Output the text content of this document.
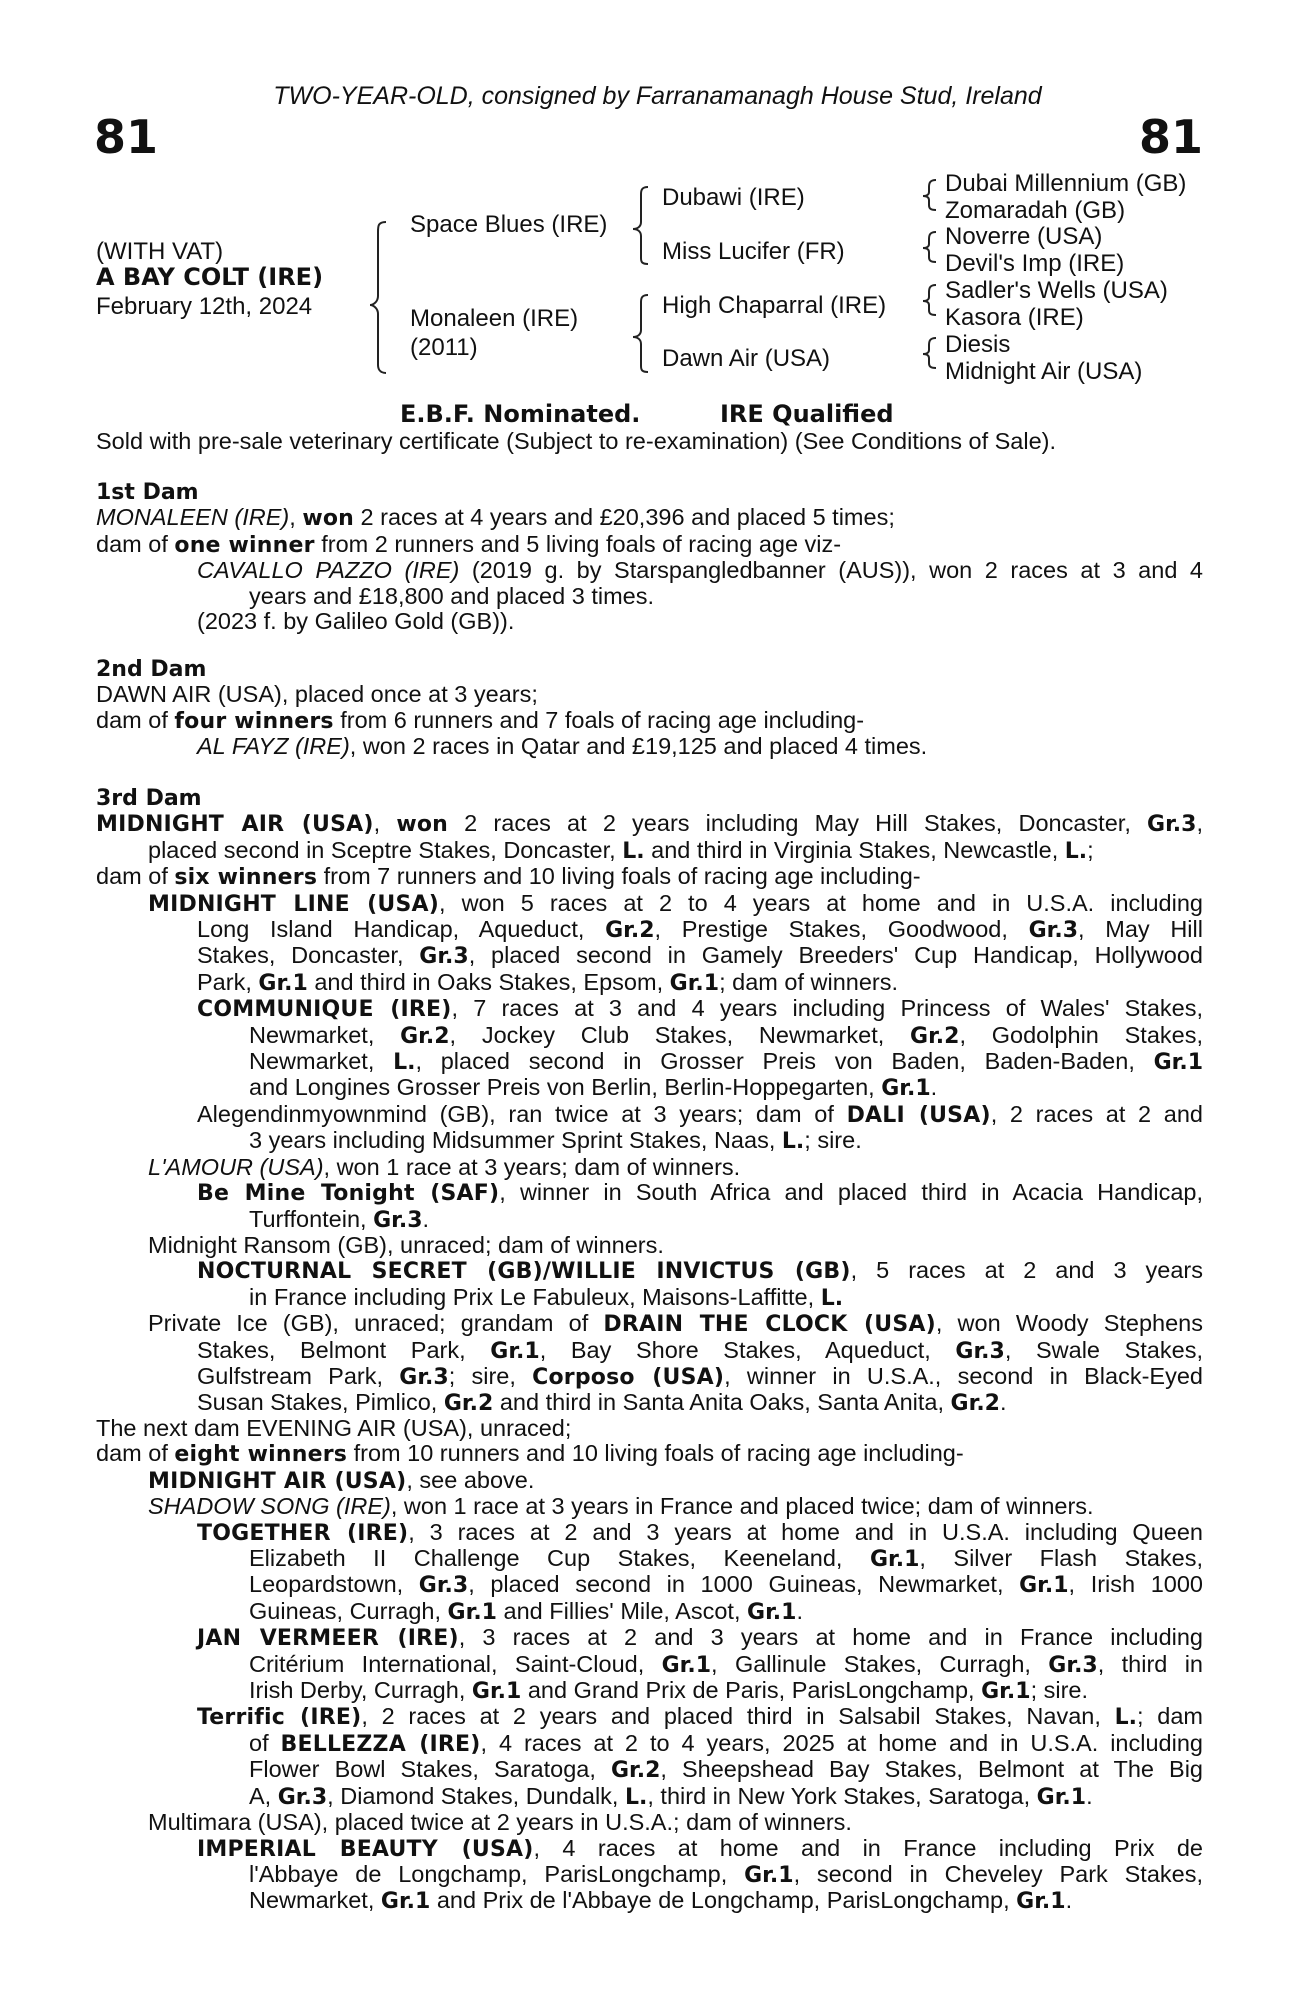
TWO-YEAR-OLD, consigned by Farranamanagh House Stud, Ireland
81	81
(WITH VAT)
A BAY COLT (IRE)
February 12th, 2024
Space Blues (IRE)
Monaleen (IRE)
(2011)
Dubawi (IRE)
Miss Lucifer (FR)
High Chaparral (IRE)
Dawn Air (USA)
Dubai Millennium (GB)
Zomaradah (GB)
Noverre (USA)
Devil's Imp (IRE)
Sadler's Wells (USA)
Kasora (IRE)
Diesis
Midnight Air (USA)
E.B.F. Nominated.	IRE Qualified
Sold with pre-sale veterinary certificate (Subject to re-examination) (See Conditions of Sale).
1st Dam
MONALEEN (IRE), won 2 races at 4 years and £20,396 and placed 5 times;
dam of one winner from 2 runners and 5 living foals of racing age viz-
CAVALLO PAZZO (IRE) (2019 g. by Starspangledbanner (AUS)), won 2 races at 3 and 4
years and £18,800 and placed 3 times.
(2023 f. by Galileo Gold (GB)).
2nd Dam
DAWN AIR (USA), placed once at 3 years;
dam of four winners from 6 runners and 7 foals of racing age including-
AL FAYZ (IRE), won 2 races in Qatar and £19,125 and placed 4 times.
3rd Dam
MIDNIGHT AIR (USA), won 2 races at 2 years including May Hill Stakes, Doncaster, Gr.3,
placed second in Sceptre Stakes, Doncaster, L. and third in Virginia Stakes, Newcastle, L.;
dam of six winners from 7 runners and 10 living foals of racing age including-
MIDNIGHT LINE (USA), won 5 races at 2 to 4 years at home and in U.S.A. including
Long Island Handicap, Aqueduct, Gr.2, Prestige Stakes, Goodwood, Gr.3, May Hill
Stakes, Doncaster, Gr.3, placed second in Gamely Breeders' Cup Handicap, Hollywood
Park, Gr.1 and third in Oaks Stakes, Epsom, Gr.1; dam of winners.
COMMUNIQUE (IRE), 7 races at 3 and 4 years including Princess of Wales' Stakes,
Newmarket, Gr.2, Jockey Club Stakes, Newmarket, Gr.2, Godolphin Stakes,
Newmarket, L., placed second in Grosser Preis von Baden, Baden-Baden, Gr.1
and Longines Grosser Preis von Berlin, Berlin-Hoppegarten, Gr.1.
Alegendinmyownmind (GB), ran twice at 3 years; dam of DALI (USA), 2 races at 2 and
3 years including Midsummer Sprint Stakes, Naas, L.; sire.
L'AMOUR (USA), won 1 race at 3 years; dam of winners.
Be Mine Tonight (SAF), winner in South Africa and placed third in Acacia Handicap,
Turffontein, Gr.3.
Midnight Ransom (GB), unraced; dam of winners.
NOCTURNAL SECRET (GB)/WILLIE INVICTUS (GB), 5 races at 2 and 3 years
in France including Prix Le Fabuleux, Maisons-Laffitte, L.
Private Ice (GB), unraced; grandam of DRAIN THE CLOCK (USA), won Woody Stephens
Stakes, Belmont Park, Gr.1, Bay Shore Stakes, Aqueduct, Gr.3, Swale Stakes,
Gulfstream Park, Gr.3; sire, Corposo (USA), winner in U.S.A., second in Black-Eyed
Susan Stakes, Pimlico, Gr.2 and third in Santa Anita Oaks, Santa Anita, Gr.2.
The next dam EVENING AIR (USA), unraced;
dam of eight winners from 10 runners and 10 living foals of racing age including-
MIDNIGHT AIR (USA), see above.
SHADOW SONG (IRE), won 1 race at 3 years in France and placed twice; dam of winners.
TOGETHER (IRE), 3 races at 2 and 3 years at home and in U.S.A. including Queen
Elizabeth II Challenge Cup Stakes, Keeneland, Gr.1, Silver Flash Stakes,
Leopardstown, Gr.3, placed second in 1000 Guineas, Newmarket, Gr.1, Irish 1000
Guineas, Curragh, Gr.1 and Fillies' Mile, Ascot, Gr.1.
JAN VERMEER (IRE), 3 races at 2 and 3 years at home and in France including
Critérium International, Saint-Cloud, Gr.1, Gallinule Stakes, Curragh, Gr.3, third in
Irish Derby, Curragh, Gr.1 and Grand Prix de Paris, ParisLongchamp, Gr.1; sire.
Terrific (IRE), 2 races at 2 years and placed third in Salsabil Stakes, Navan, L.; dam
of BELLEZZA (IRE), 4 races at 2 to 4 years, 2025 at home and in U.S.A. including
Flower Bowl Stakes, Saratoga, Gr.2, Sheepshead Bay Stakes, Belmont at The Big
A, Gr.3, Diamond Stakes, Dundalk, L., third in New York Stakes, Saratoga, Gr.1.
Multimara (USA), placed twice at 2 years in U.S.A.; dam of winners.
IMPERIAL BEAUTY (USA), 4 races at home and in France including Prix de
l'Abbaye de Longchamp, ParisLongchamp, Gr.1, second in Cheveley Park Stakes,
Newmarket, Gr.1 and Prix de l'Abbaye de Longchamp, ParisLongchamp, Gr.1.
